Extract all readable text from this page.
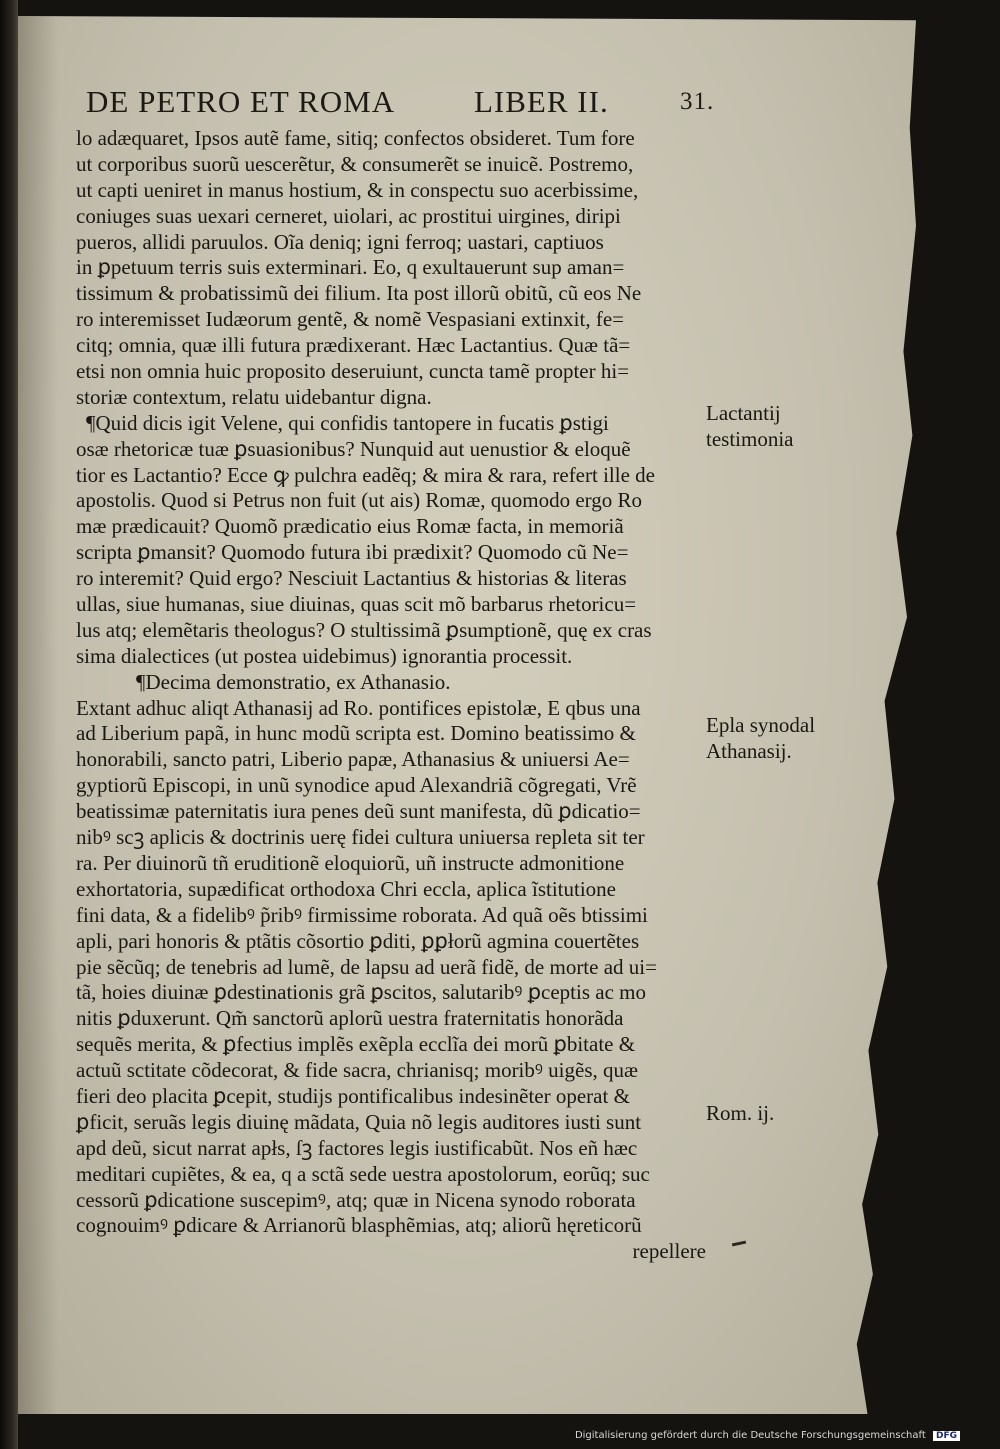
DE PETRO ET ROMA	LIBER II.	31.
lo adæquaret, Ipsos autẽ fame, sitiq; confectos obsideret. Tum fore
ut corporibus suorũ uescerẽtur, & consumerẽt se inuicẽ. Postremo,
ut capti ueniret in manus hostium, & in conspectu suo acerbissime,
coniuges suas uexari cerneret, uiolari, ac prostitui uirgines, diripi
pueros, allidi paruulos. Oĩa deniq; igni ferroq; uastari, captiuos
in ꝑpetuum terris suis exterminari. Eo, q exultauerunt sup aman=
tissimum & probatissimũ dei filium. Ita post illorũ obitũ, cũ eos Ne
ro interemisset Iudæorum gentẽ, & nomẽ Vespasiani extinxit, fe=
citq; omnia, quæ illi futura prædixerant. Hæc Lactantius. Quæ tã=
etsi non omnia huic proposito deseruiunt, cuncta tamẽ propter hi=
storiæ contextum, relatu uidebantur digna.
¶Quid dicis igit Velene, qui confidis tantopere in fucatis ꝑstigi
osæ rhetoricæ tuæ ꝑsuasionibus? Nunquid aut uenustior & eloquẽ
tior es Lactantio? Ecce ꝙ pulchra eadẽq; & mira & rara, refert ille de
apostolis. Quod si Petrus non fuit (ut ais) Romæ, quomodo ergo Ro
mæ prædicauit? Quomõ prædicatio eius Romæ facta, in memoriã
scripta ꝑmansit? Quomodo futura ibi prædixit? Quomodo cũ Ne=
ro interemit? Quid ergo? Nesciuit Lactantius & historias & literas
ullas, siue humanas, siue diuinas, quas scit mõ barbarus rhetoricu=
lus atq; elemẽtaris theologus? O stultissimã ꝑsumptionẽ, quę ex cras
sima dialectices (ut postea uidebimus) ignorantia processit.
¶Decima demonstratio, ex Athanasio.
Extant adhuc aliqt Athanasij ad Ro. pontifices epistolæ, E qbus una
ad Liberium papã, in hunc modũ scripta est. Domino beatissimo &
honorabili, sancto patri, Liberio papæ, Athanasius & uniuersi Ae=
gyptiorũ Episcopi, in unũ synodice apud Alexandriã cõgregati, Vrẽ
beatissimæ paternitatis iura penes deũ sunt manifesta, dũ ꝑdicatio=
nibꝰ scꝫ aplicis & doctrinis uerę fidei cultura uniuersa repleta sit ter
ra. Per diuinorũ tñ eruditionẽ eloquiorũ, uñ instructe admonitione
exhortatoria, supædificat orthodoxa Chri eccla, aplica ĩstitutione
fini data, & a fidelibꝰ p̃ribꝰ firmissime roborata. Ad quã oẽs btissimi
apli, pari honoris & ptãtis cõsortio ꝑditi, ꝑꝑłorũ agmina couertẽtes
pie sẽcũq; de tenebris ad lumẽ, de lapsu ad uerã fidẽ, de morte ad ui=
tã, hoies diuinæ ꝑdestinationis grã ꝑscitos, salutaribꝰ ꝑceptis ac mo
nitis ꝑduxerunt. Qm̃ sanctorũ aplorũ uestra fraternitatis honorãda
sequẽs merita, & ꝑfectius implẽs exẽpla ecclĩa dei morũ ꝑbitate &
actuũ sctitate cõdecorat, & fide sacra, chrianisq; moribꝰ uigẽs, quæ
fieri deo placita ꝑcepit, studijs pontificalibus indesinẽter operat &
ꝑficit, seruãs legis diuinę mãdata, Quia nõ legis auditores iusti sunt
apd deũ, sicut narrat apłs, ſꝫ factores legis iustificabũt. Nos eñ hæc
meditari cupiẽtes, & ea, q a sctã sede uestra apostolorum, eorũq; suc
cessorũ ꝑdicatione suscepimꝰ, atq; quæ in Nicena synodo roborata
cognouimꝰ ꝑdicare & Arrianorũ blasphẽmias, atq; aliorũ hęreticorũ
repellere
Lactantij
testimonia
Epla synodal
Athanasij.
Rom. ij.
Digitalisierung gefördert durch die Deutsche Forschungsgemeinschaft DFG
